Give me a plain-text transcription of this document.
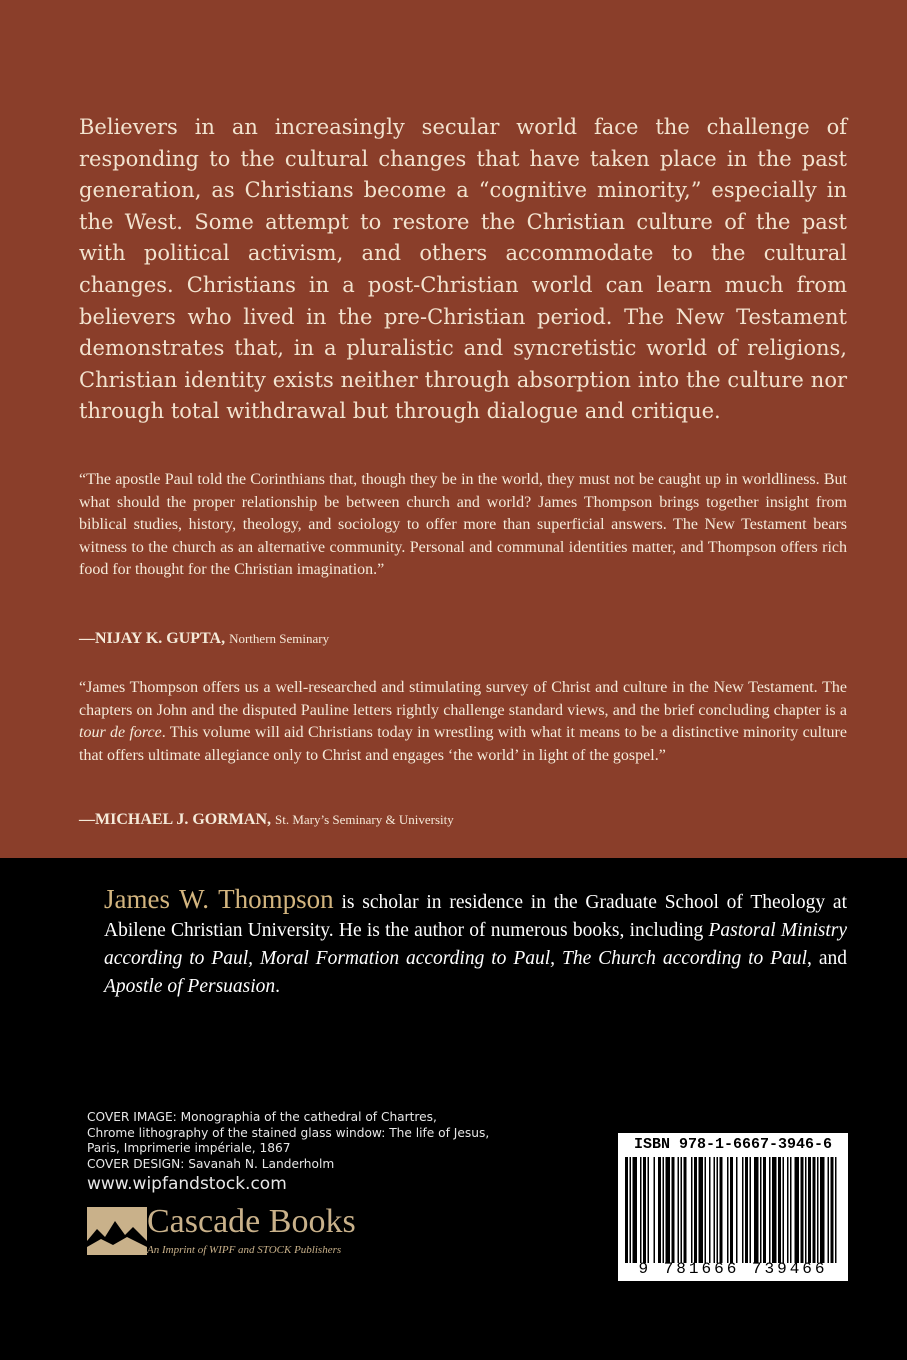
Believers in an increasingly secular world face the challenge of responding to the cultural changes that have taken place in the past generation, as Christians become a “cognitive minority,” especially in the West. Some attempt to restore the Christian culture of the past with political activism, and others accommodate to the cultural changes. Christians in a post-Christian world can learn much from believers who lived in the pre-Christian period. The New Testament demonstrates that, in a pluralistic and syncretistic world of religions, Christian identity exists neither through absorption into the culture nor through total withdrawal but through dialogue and critique.

“The apostle Paul told the Corinthians that, though they be in the world, they must not be caught up in worldliness. But what should the proper relationship be between church and world? James Thompson brings together insight from biblical studies, history, theology, and sociology to offer more than superficial answers. The New Testament bears witness to the church as an alternative community. Personal and communal identities matter, and Thompson offers rich food for thought for the Christian imagination.”

—NIJAY K. GUPTA, Northern Seminary

“James Thompson offers us a well-researched and stimulating survey of Christ and culture in the New Testament. The chapters on John and the disputed Pauline letters rightly challenge standard views, and the brief concluding chapter is a tour de force. This volume will aid Christians today in wrestling with what it means to be a distinctive minority culture that offers ultimate allegiance only to Christ and engages ‘the world’ in light of the gospel.”

—MICHAEL J. GORMAN, St. Mary’s Seminary & University

James W. Thompson is scholar in residence in the Graduate School of Theology at Abilene Christian University. He is the author of numerous books, including Pastoral Ministry according to Paul, Moral Formation according to Paul, The Church according to Paul, and Apostle of Persuasion.

COVER IMAGE: Monographia of the cathedral of Chartres,
Chrome lithography of the stained glass window: The life of Jesus,
Paris, Imprimerie impériale, 1867
COVER DESIGN: Savanah N. Landerholm

www.wipfandstock.com

Cascade Books

An Imprint of WIPF and STOCK Publishers

ISBN 978-1-6667-3946-6

9 781666 739466
